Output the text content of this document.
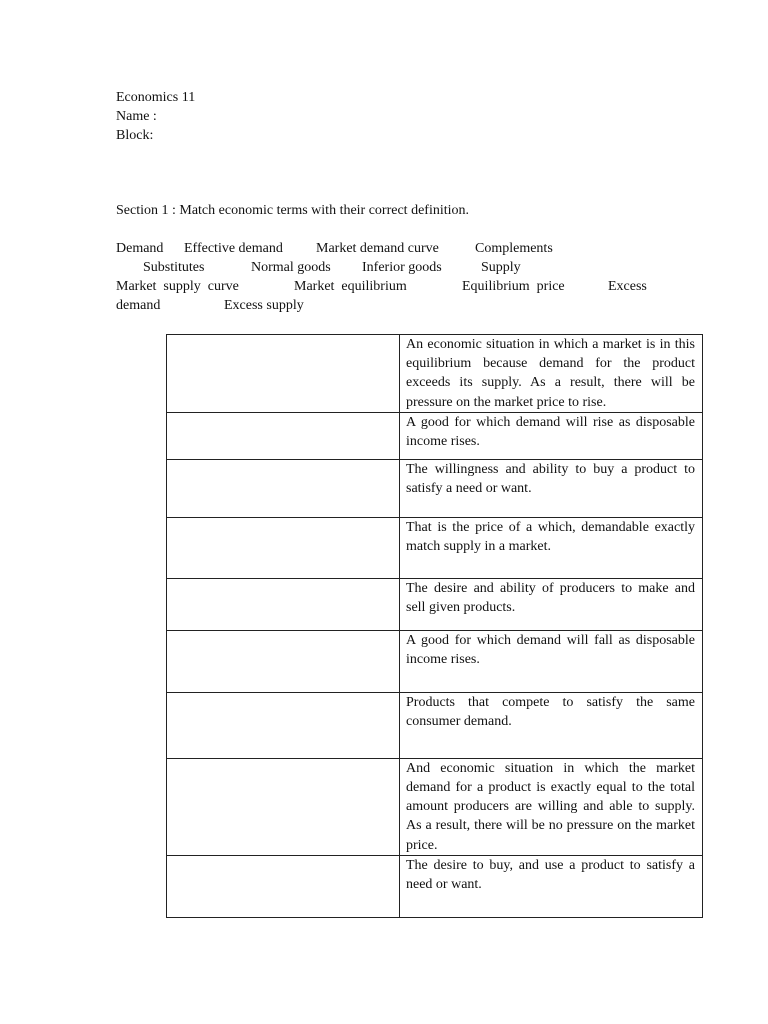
Economics 11
Name :
Block:
Section 1 : Match economic terms with their correct definition.
Demand Effective demand Market demand curve	Complements
Substitutes	Normal goods Inferior goods	Supply
Market  supply  curve	Market  equilibrium	Equilibrium  price	Excess
demand	Excess supply

	An economic situation in which a market is in this equilibrium because demand for the product exceeds its supply. As a result, there will be pressure on the market price to rise.

	A good for which demand will rise as disposable income rises.

	The willingness and ability to buy a product to satisfy a need or want.

	That is the price of a which, demandable exactly match supply in a market.

	The desire and ability of producers to make and sell given products.

	A good for which demand will fall as disposable income rises.

	Products that compete to satisfy the same consumer demand.

	And economic situation in which the market demand for a product is exactly equal to the total amount producers are willing and able to supply. As a result, there will be no pressure on the market price.

	The desire to buy, and use a product to satisfy a need or want.
